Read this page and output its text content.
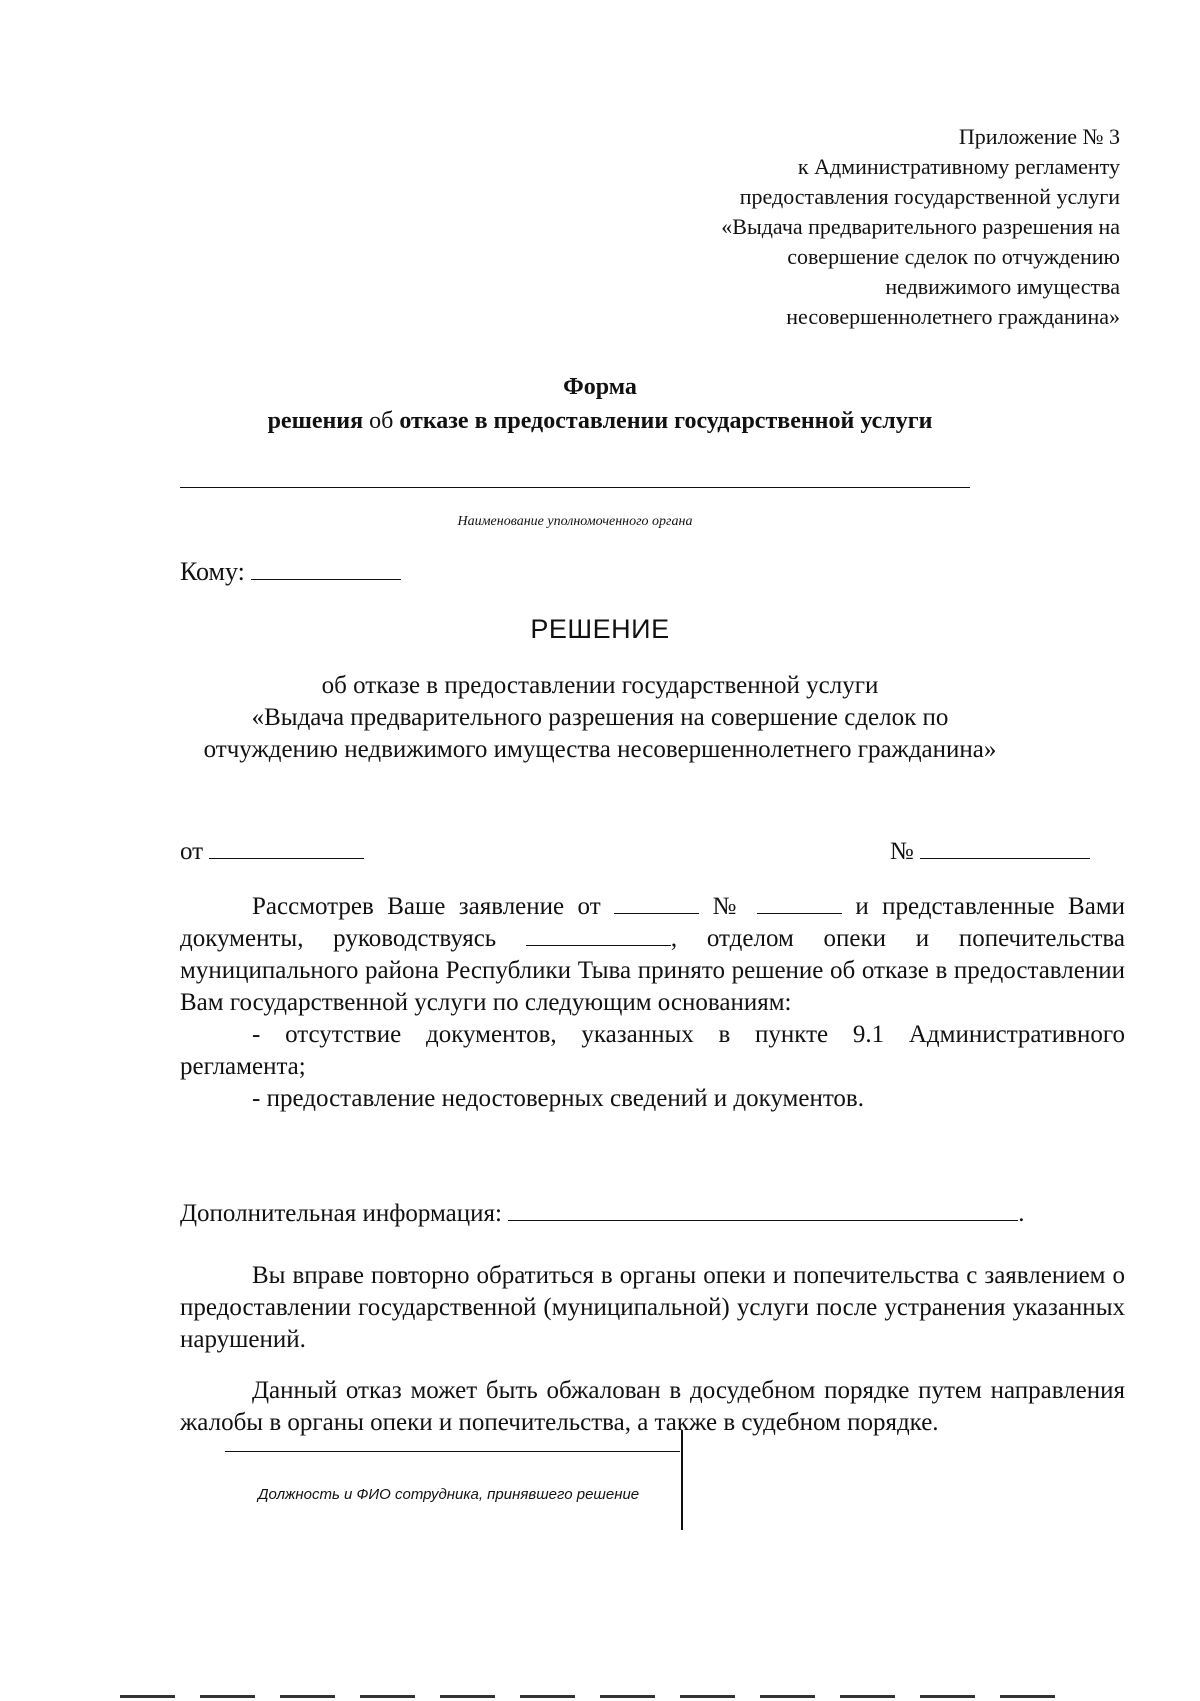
Приложение № 3
к Административному регламенту
предоставления государственной услуги
«Выдача предварительного разрешения на
совершение сделок по отчуждению
недвижимого имущества
несовершеннолетнего гражданина»
Форма
решения об отказе в предоставлении государственной услуги
Наименование уполномоченного органа
Кому:
РЕШЕНИЕ
об отказе в предоставлении государственной услуги
«Выдача предварительного разрешения на совершение сделок по
отчуждению недвижимого имущества несовершеннолетнего гражданина»
от	№
Рассмотрев Ваше заявление от	№	и представленные Вами документы, руководствуясь	, отделом опеки и попечительства муниципального района Республики Тыва принято решение об отказе в предоставлении Вам государственной услуги по следующим основаниям:
- отсутствие документов, указанных в пункте 9.1 Административного регламента;
- предоставление недостоверных сведений и документов.
Дополнительная информация:	.
Вы вправе повторно обратиться в органы опеки и попечительства с заявлением о предоставлении государственной (муниципальной) услуги после устранения указанных нарушений.
Данный отказ может быть обжалован в досудебном порядке путем направления жалобы в органы опеки и попечительства, а также в судебном порядке.
Должность и ФИО сотрудника, принявшего решение
